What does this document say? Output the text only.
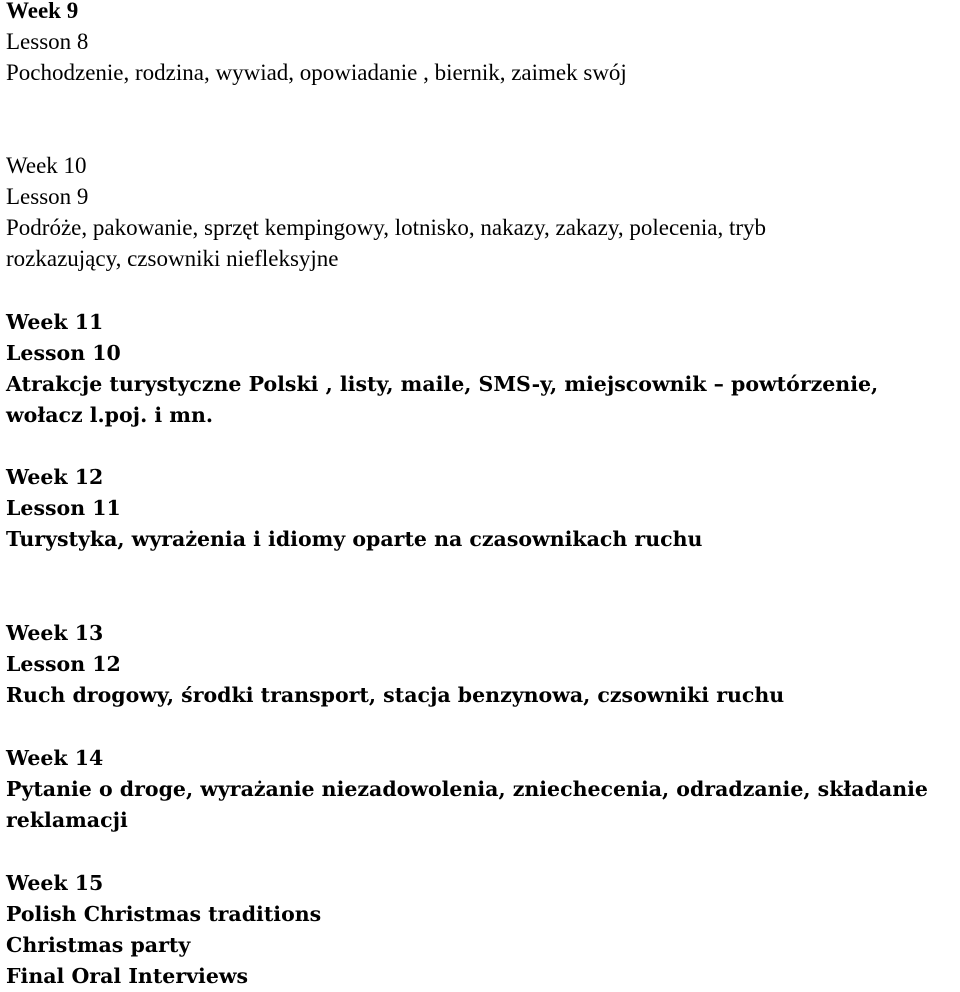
Week 9

Lesson 8

Pochodzenie, rodzina, wywiad, opowiadanie , biernik, zaimek swój

Week 10

Lesson 9

Podróże, pakowanie, sprzęt kempingowy, lotnisko, nakazy, zakazy, polecenia, tryb

rozkazujący, czsowniki niefleksyjne

Week 11

Lesson 10

Atrakcje turystyczne Polski , listy, maile, SMS-y, miejscownik – powtórzenie,

wołacz l.poj. i mn.

Week 12

Lesson 11

Turystyka, wyrażenia i idiomy oparte na czasownikach ruchu

Week 13

Lesson 12

Ruch drogowy, środki transport, stacja benzynowa, czsowniki ruchu

Week 14

Pytanie o droge, wyrażanie niezadowolenia, zniechecenia, odradzanie, składanie

reklamacji

Week 15

Polish Christmas traditions

Christmas party

Final Oral Interviews
